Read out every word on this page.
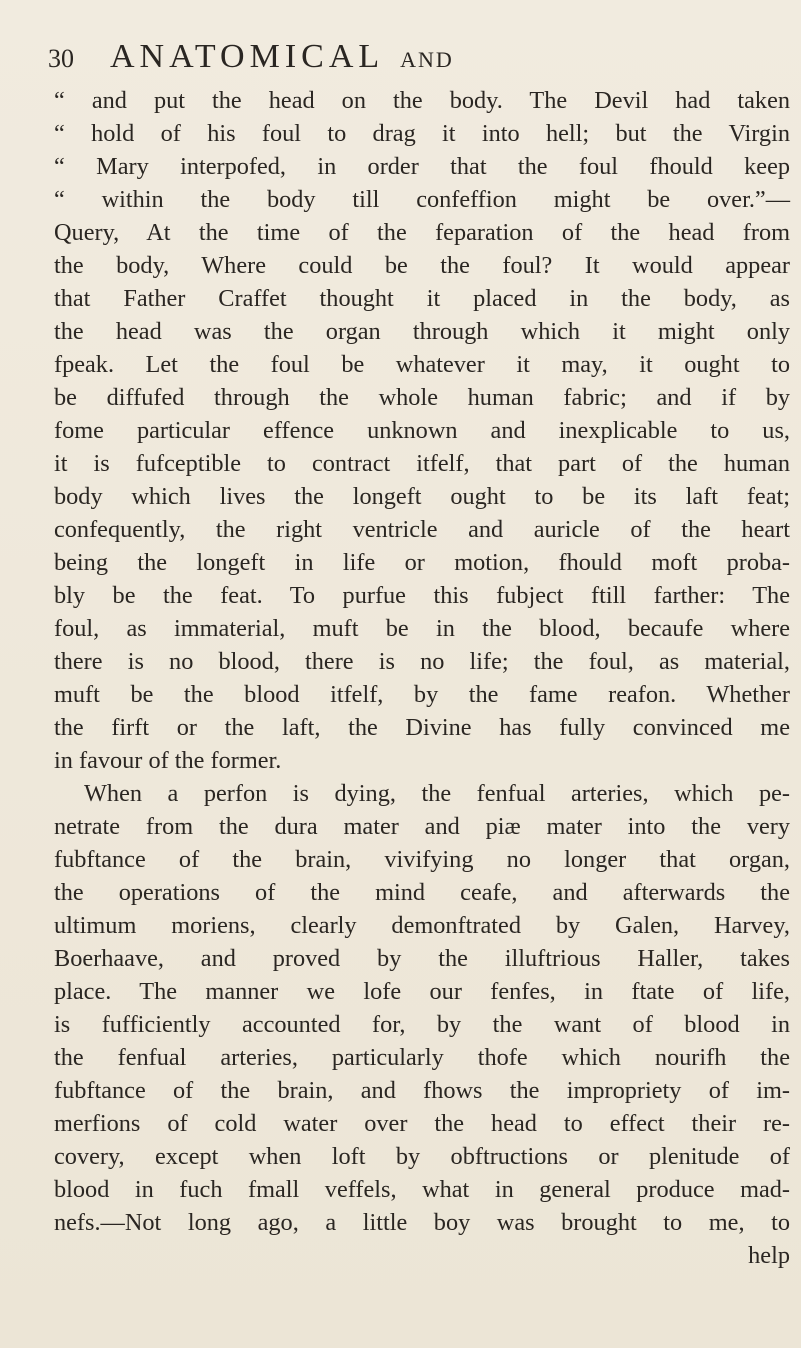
30 ANATOMICAL AND
“ and put the head on the body. The Devil had taken
“ hold of his foul to drag it into hell; but the Virgin
“ Mary interpofed, in order that the foul fhould keep
“ within the body till confeffion might be over.”—
Query, At the time of the feparation of the head from
the body, Where could be the foul? It would appear
that Father Craffet thought it placed in the body, as
the head was the organ through which it might only
fpeak. Let the foul be whatever it may, it ought to
be diffufed through the whole human fabric; and if by
fome particular effence unknown and inexplicable to us,
it is fufceptible to contract itfelf, that part of the human
body which lives the longeft ought to be its laft feat;
confequently, the right ventricle and auricle of the heart
being the longeft in life or motion, fhould moft proba-
bly be the feat. To purfue this fubject ftill farther: The
foul, as immaterial, muft be in the blood, becaufe where
there is no blood, there is no life; the foul, as material,
muft be the blood itfelf, by the fame reafon. Whether
the firft or the laft, the Divine has fully convinced me
in favour of the former.
When a perfon is dying, the fenfual arteries, which pe-
netrate from the dura mater and piæ mater into the very
fubftance of the brain, vivifying no longer that organ,
the operations of the mind ceafe, and afterwards the
ultimum moriens, clearly demonftrated by Galen, Harvey,
Boerhaave, and proved by the illuftrious Haller, takes
place. The manner we lofe our fenfes, in ftate of life,
is fufficiently accounted for, by the want of blood in
the fenfual arteries, particularly thofe which nourifh the
fubftance of the brain, and fhows the impropriety of im-
merfions of cold water over the head to effect their re-
covery, except when loft by obftructions or plenitude of
blood in fuch fmall veffels, what in general produce mad-
nefs.—Not long ago, a little boy was brought to me, to
help
